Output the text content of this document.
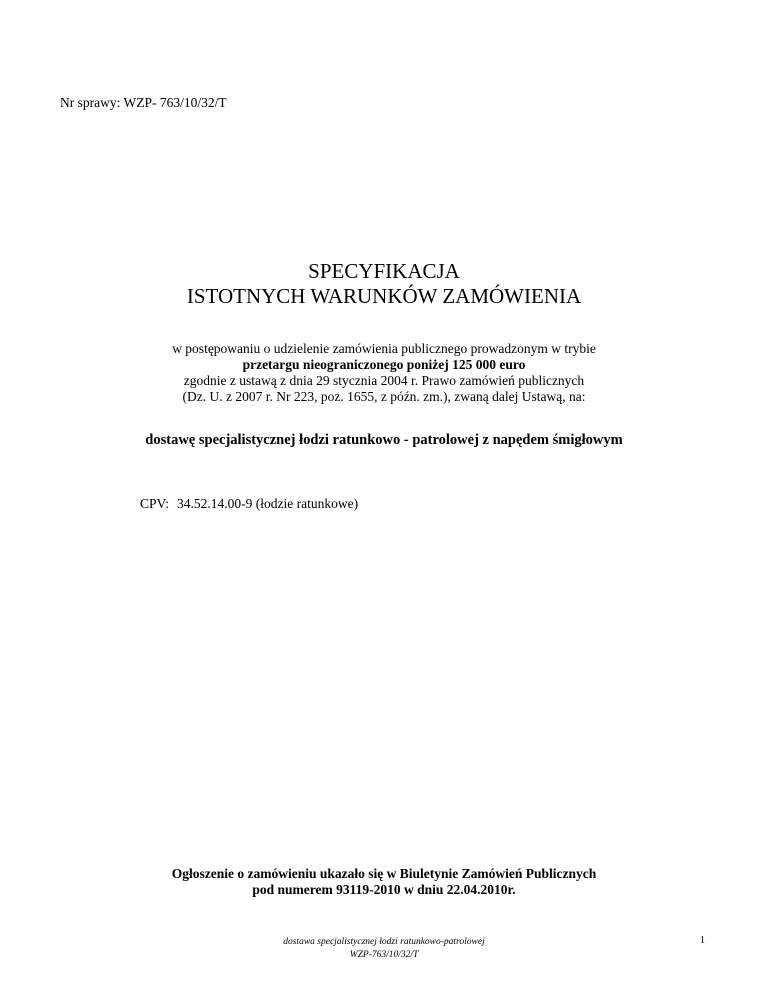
Nr sprawy: WZP- 763/10/32/T
SPECYFIKACJA
ISTOTNYCH WARUNKÓW ZAMÓWIENIA
w postępowaniu o udzielenie zamówienia publicznego prowadzonym w trybie
przetargu nieograniczonego poniżej 125 000 euro
zgodnie z ustawą z dnia 29 stycznia 2004 r. Prawo zamówień publicznych
(Dz. U. z 2007 r. Nr 223, poz. 1655, z późn. zm.), zwaną dalej Ustawą, na:
dostawę specjalistycznej łodzi ratunkowo - patrolowej z napędem śmigłowym
CPV: 34.52.14.00-9 (łodzie ratunkowe)
Ogłoszenie o zamówieniu ukazało się w Biuletynie Zamówień Publicznych
pod numerem 93119-2010 w dniu 22.04.2010r.
dostawa specjalistycznej łodzi ratunkowo-patrolowej
WZP-763/10/32/T
1
